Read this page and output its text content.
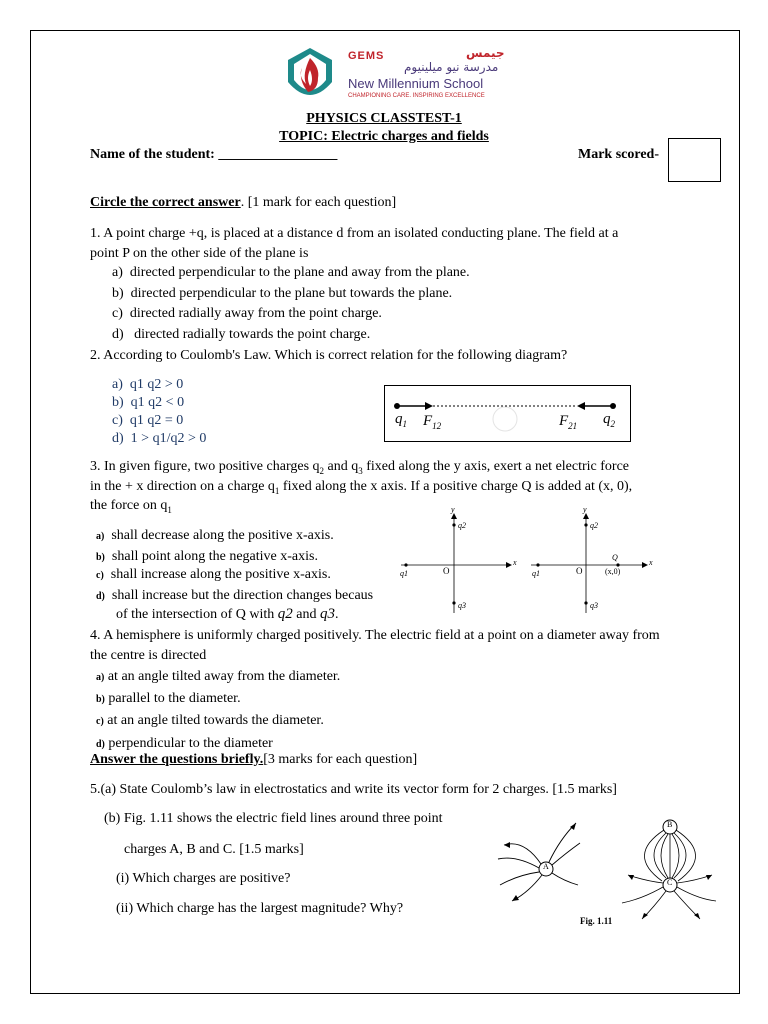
GEMS	جيمس
مدرسة نيو ميلينيوم
New Millennium School
CHAMPIONING CARE. INSPIRING EXCELLENCE
PHYSICS CLASSTEST-1
TOPIC: Electric charges and fields
Name of the student: _________________	Mark scored-
Circle the correct answer. [1 mark for each question]
1. A point charge +q, is placed at a distance d from an isolated conducting plane. The field at a
point P on the other side of the plane is
a) directed perpendicular to the plane and away from the plane.
b) directed perpendicular to the plane but towards the plane.
c) directed radially away from the point charge.
d)   directed radially towards the point charge.
2. According to Coulomb's Law. Which is correct relation for the following diagram?
a) q1 q2 > 0
b) q1 q2 < 0
c) q1 q2 = 0
d) 1 > q1/q2 > 0
$q_1$ $F_{12}$	$F_{21}$ $q_2$
3. In given figure, two positive charges $q_2$ and $q_3$ fixed along the y axis, exert a net electric force
in the + x direction on a charge $q_1$ fixed along the x axis. If a positive charge Q is added at (x, 0),
the force on $q_1$
a) shall decrease along the positive x-axis.
b) shall point along the negative x-axis.
c) shall increase along the positive x-axis.
d) shall increase but the direction changes becaus
of the intersection of Q with q2 and q3.
y
x
O
q2
q3
q1
y
x
O
q2
q3
q1
Q
(x,0)
4. A hemisphere is uniformly charged positively. The electric field at a point on a diameter away from
the centre is directed
a) at an angle tilted away from the diameter.
b) parallel to the diameter.
c) at an angle tilted towards the diameter.
d) perpendicular to the diameter
Answer the questions briefly.[3 marks for each question]
5.(a) State Coulomb’s law in electrostatics and write its vector form for 2 charges. [1.5 marks]
(b) Fig. 1.11 shows the electric field lines around three point
charges A, B and C. [1.5 marks]
(i) Which charges are positive?
(ii) Which charge has the largest magnitude? Why?
A
B
C
Fig. 1.11
